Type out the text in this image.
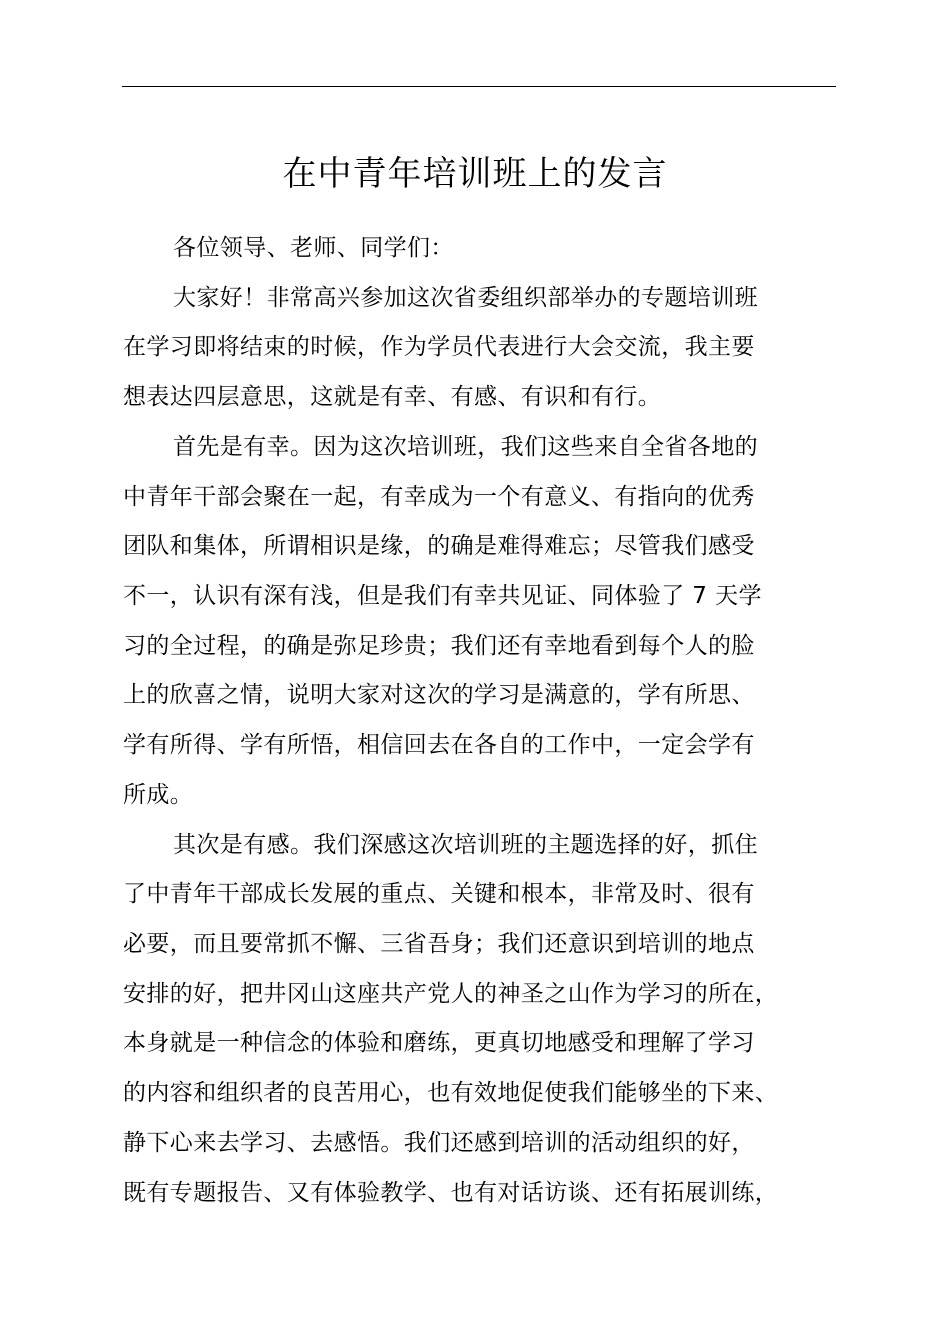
在中青年培训班上的发言
各位领导、老师、同学们：
大家好！非常高兴参加这次省委组织部举办的专题培训班
在学习即将结束的时候，作为学员代表进行大会交流，我主要
想表达四层意思，这就是有幸、有感、有识和有行。
首先是有幸。因为这次培训班，我们这些来自全省各地的
中青年干部会聚在一起，有幸成为一个有意义、有指向的优秀
团队和集体，所谓相识是缘，的确是难得难忘；尽管我们感受
不一，认识有深有浅，但是我们有幸共见证、同体验了 7 天学
习的全过程，的确是弥足珍贵；我们还有幸地看到每个人的脸
上的欣喜之情，说明大家对这次的学习是满意的，学有所思、
学有所得、学有所悟，相信回去在各自的工作中，一定会学有
所成。
其次是有感。我们深感这次培训班的主题选择的好，抓住
了中青年干部成长发展的重点、关键和根本，非常及时、很有
必要，而且要常抓不懈、三省吾身；我们还意识到培训的地点
安排的好，把井冈山这座共产党人的神圣之山作为学习的所在，
本身就是一种信念的体验和磨练，更真切地感受和理解了学习
的内容和组织者的良苦用心，也有效地促使我们能够坐的下来、
静下心来去学习、去感悟。我们还感到培训的活动组织的好，
既有专题报告、又有体验教学、也有对话访谈、还有拓展训练，
